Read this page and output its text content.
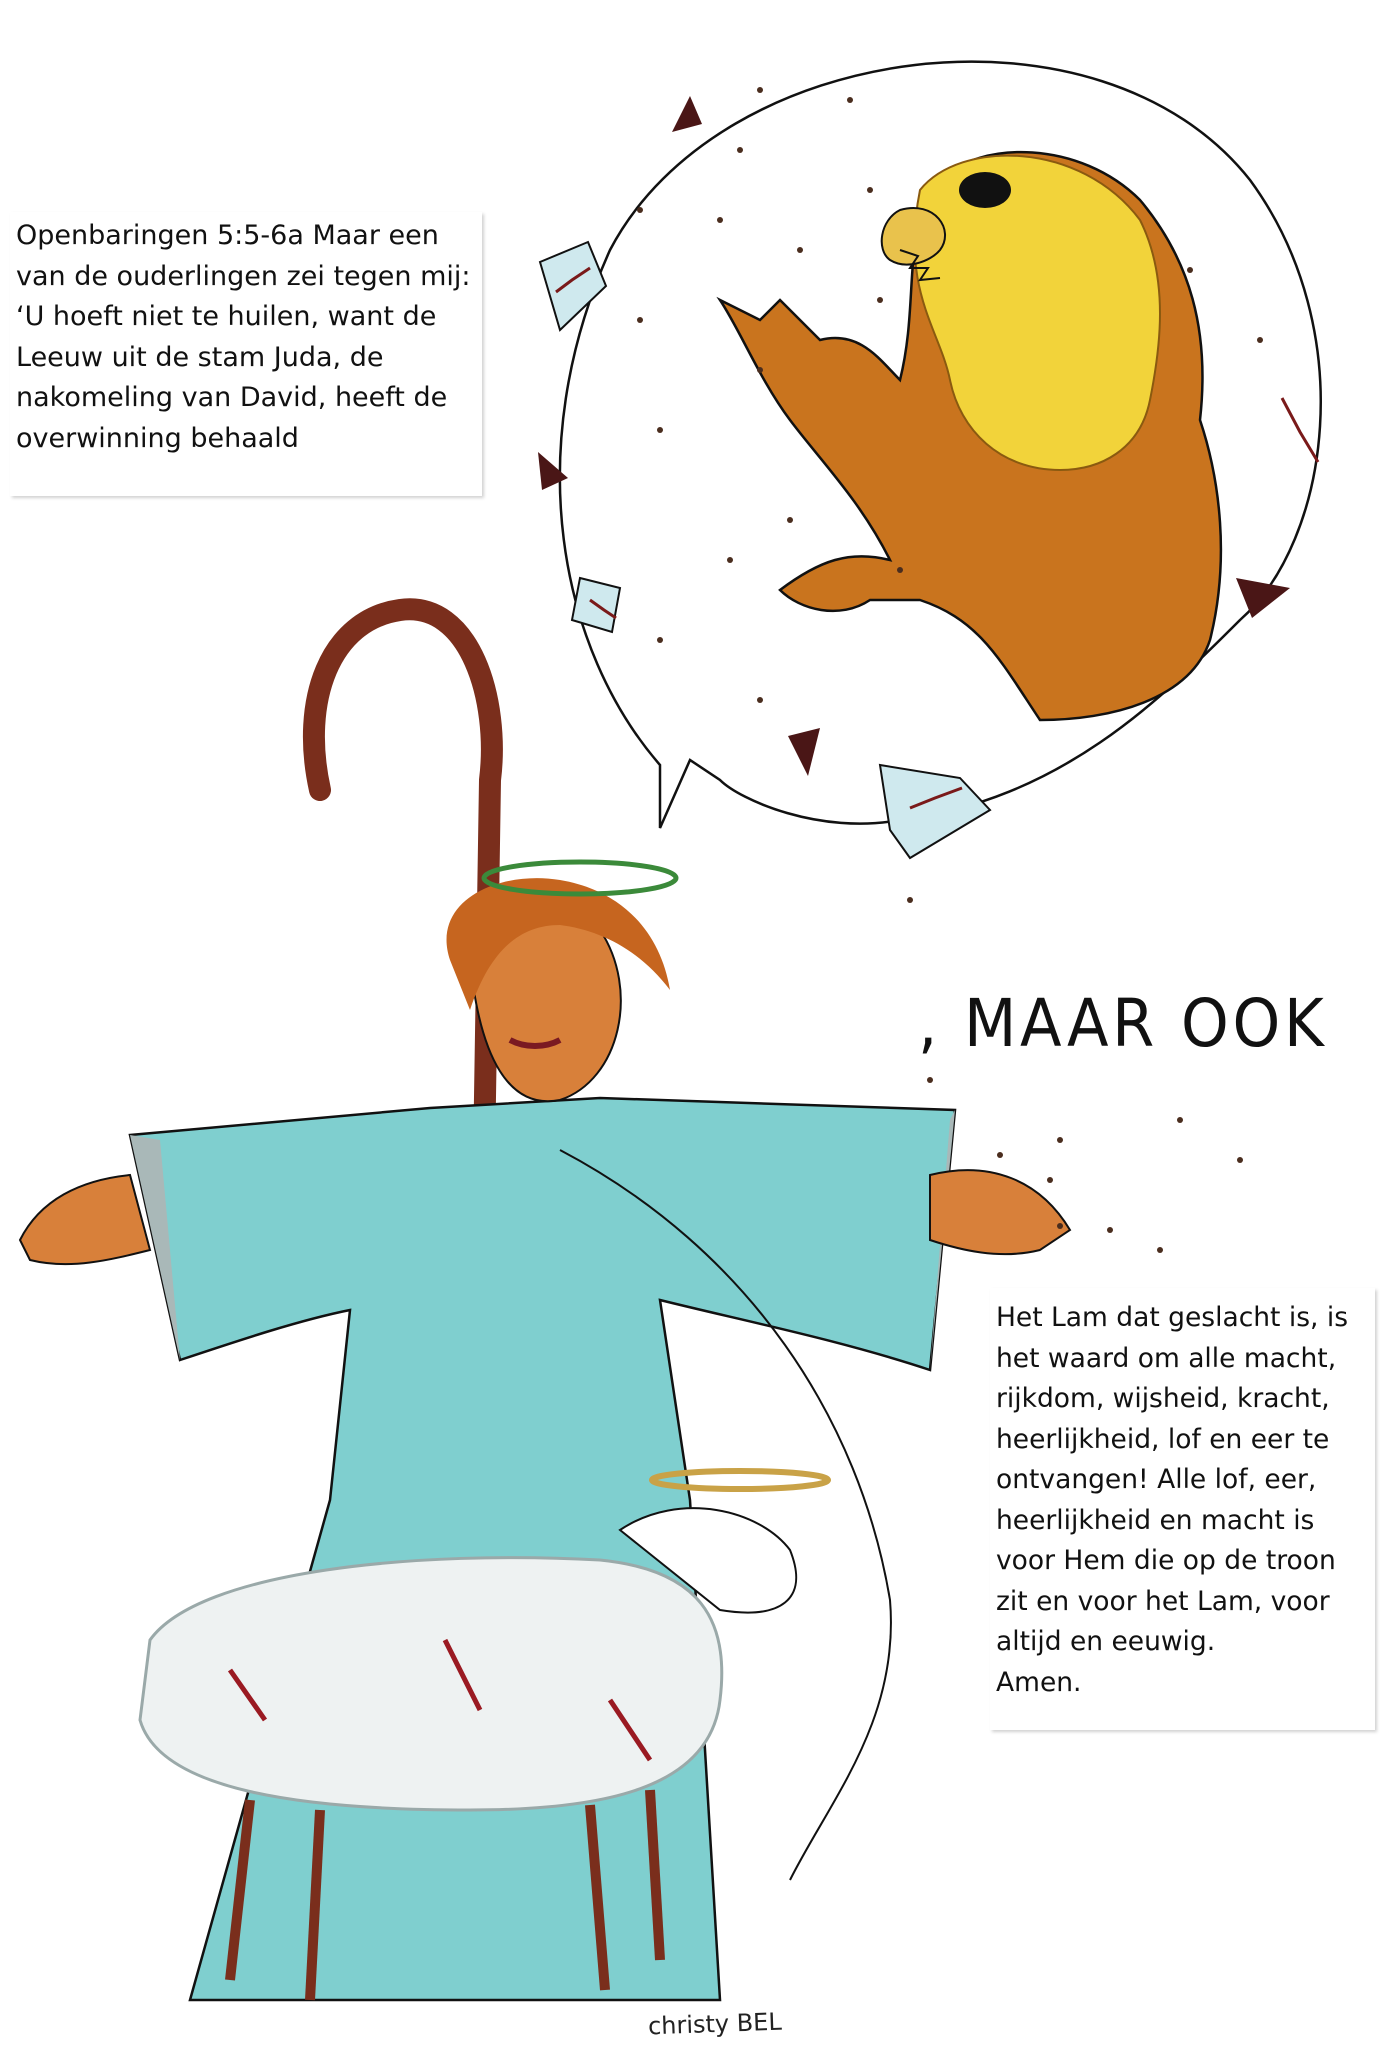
Openbaringen 5:5-6a Maar een
van de ouderlingen zei tegen mij:
‘U hoeft niet te huilen, want de
Leeuw uit de stam Juda, de
nakomeling van David, heeft de
overwinning behaald
, MAAR OOK
Het Lam dat geslacht is, is
het waard om alle macht,
rijkdom, wijsheid, kracht,
heerlijkheid, lof en eer te
ontvangen! Alle lof, eer,
heerlijkheid en macht is
voor Hem die op de troon
zit en voor het Lam, voor
altijd en eeuwig.
Amen.
christy BEL
